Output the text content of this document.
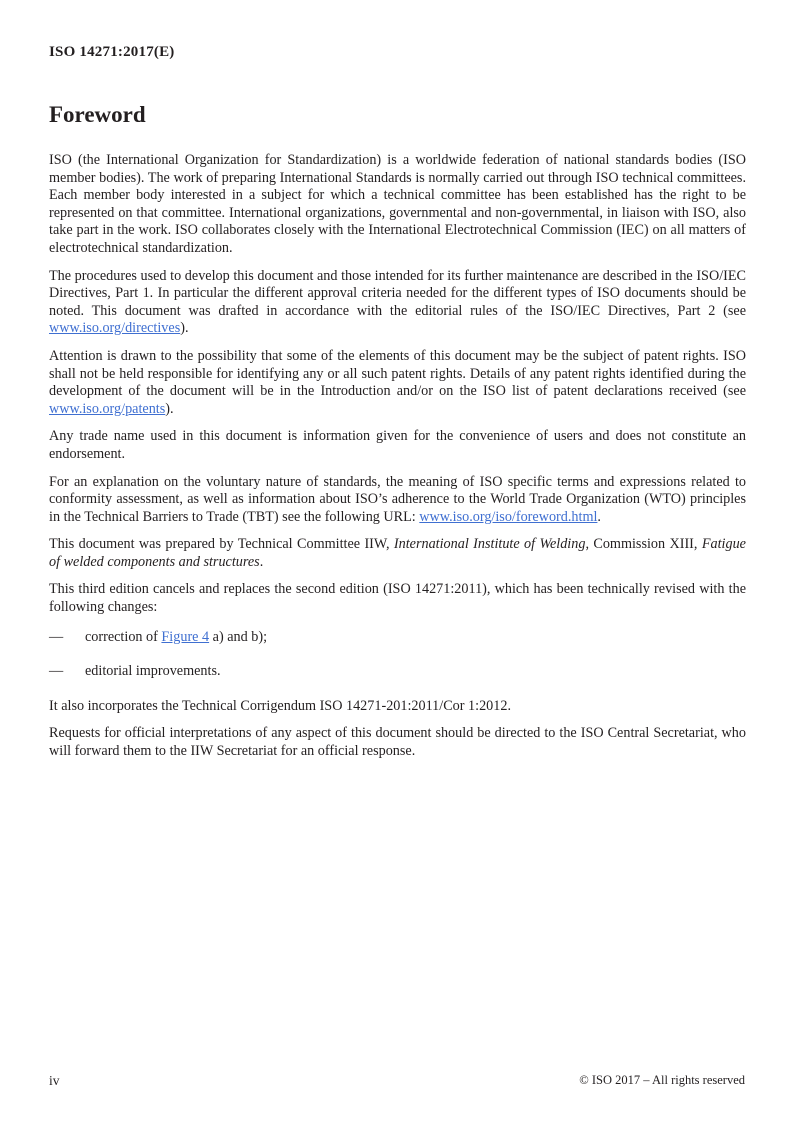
ISO 14271:2017(E)
Foreword

ISO (the International Organization for Standardization) is a worldwide federation of national standards bodies (ISO member bodies). The work of preparing International Standards is normally carried out through ISO technical committees. Each member body interested in a subject for which a technical committee has been established has the right to be represented on that committee. International organizations, governmental and non-governmental, in liaison with ISO, also take part in the work. ISO collaborates closely with the International Electrotechnical Commission (IEC) on all matters of electrotechnical standardization.

The procedures used to develop this document and those intended for its further maintenance are described in the ISO/IEC Directives, Part 1. In particular the different approval criteria needed for the different types of ISO documents should be noted. This document was drafted in accordance with the editorial rules of the ISO/IEC Directives, Part 2 (see www.iso.org/directives).

Attention is drawn to the possibility that some of the elements of this document may be the subject of patent rights. ISO shall not be held responsible for identifying any or all such patent rights. Details of any patent rights identified during the development of the document will be in the Introduction and/or on the ISO list of patent declarations received (see www.iso.org/patents).

Any trade name used in this document is information given for the convenience of users and does not constitute an endorsement.

For an explanation on the voluntary nature of standards, the meaning of ISO specific terms and expressions related to conformity assessment, as well as information about ISO’s adherence to the World Trade Organization (WTO) principles in the Technical Barriers to Trade (TBT) see the following URL: www.iso.org/iso/foreword.html.

This document was prepared by Technical Committee IIW, International Institute of Welding, Commission XIII, Fatigue of welded components and structures.

This third edition cancels and replaces the second edition (ISO 14271:2011), which has been technically revised with the following changes:

—	correction of Figure 4 a) and b);
—	editorial improvements.

It also incorporates the Technical Corrigendum ISO 14271-201:2011/Cor 1:2012.

Requests for official interpretations of any aspect of this document should be directed to the ISO Central Secretariat, who will forward them to the IIW Secretariat for an official response.

iv	© ISO 2017 – All rights reserved
